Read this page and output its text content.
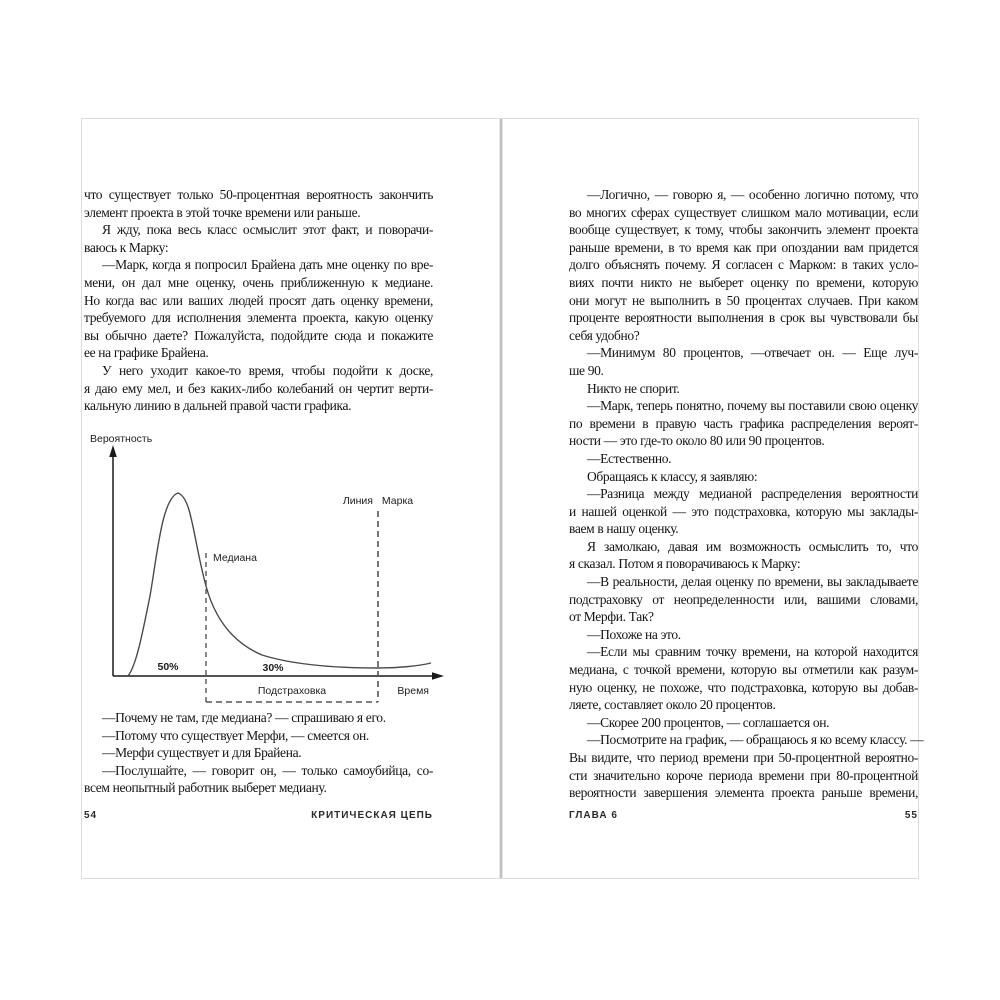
что существует только 50-процентная вероятность закончить
элемент проекта в этой точке времени или раньше.
Я жду, пока весь класс осмыслит этот факт, и поворачи-
ваюсь к Марку:
—Марк, когда я попросил Брайена дать мне оценку по вре-
мени, он дал мне оценку, очень приближенную к медиане.
Но когда вас или ваших людей просят дать оценку времени,
требуемого для исполнения элемента проекта, какую оценку
вы обычно даете? Пожалуйста, подойдите сюда и покажите
ее на графике Брайена.
У него уходит какое-то время, чтобы подойти к доске,
я даю ему мел, и без каких-либо колебаний он чертит верти-
кальную линию в дальней правой части графика.
Вероятность
Время
Медиана
Линия Марка
50%	30%
Подстраховка
—Почему не там, где медиана? — спрашиваю я его.
—Потому что существует Мерфи, — смеется он.
—Мерфи существует и для Брайена.
—Послушайте, — говорит он, — только самоубийца, со-
всем неопытный работник выберет медиану.
54	КРИТИЧЕСКАЯ ЦЕПЬ
—Логично, — говорю я, — особенно логично потому, что
во многих сферах существует слишком мало мотивации, если
вообще существует, к тому, чтобы закончить элемент проекта
раньше времени, в то время как при опоздании вам придется
долго объяснять почему. Я согласен с Марком: в таких усло-
виях почти никто не выберет оценку по времени, которую
они могут не выполнить в 50 процентах случаев. При каком
проценте вероятности выполнения в срок вы чувствовали бы
себя удобно?
—Минимум 80 процентов, —отвечает он. — Еще луч-
ше 90.
Никто не спорит.
—Марк, теперь понятно, почему вы поставили свою оценку
по времени в правую часть графика распределения вероят-
ности — это где-то около 80 или 90 процентов.
—Естественно.
Обращаясь к классу, я заявляю:
—Разница между медианой распределения вероятности
и нашей оценкой — это подстраховка, которую мы заклады-
ваем в нашу оценку.
Я замолкаю, давая им возможность осмыслить то, что
я сказал. Потом я поворачиваюсь к Марку:
—В реальности, делая оценку по времени, вы закладываете
подстраховку от неопределенности или, вашими словами,
от Мерфи. Так?
—Похоже на это.
—Если мы сравним точку времени, на которой находится
медиана, с точкой времени, которую вы отметили как разум-
ную оценку, не похоже, что подстраховка, которую вы добав-
ляете, составляет около 20 процентов.
—Скорее 200 процентов, — соглашается он.
—Посмотрите на график, — обращаюсь я ко всему классу. —
Вы видите, что период времени при 50-процентной вероятно-
сти значительно короче периода времени при 80-процентной
вероятности завершения элемента проекта раньше времени,
ГЛАВА 6	55
